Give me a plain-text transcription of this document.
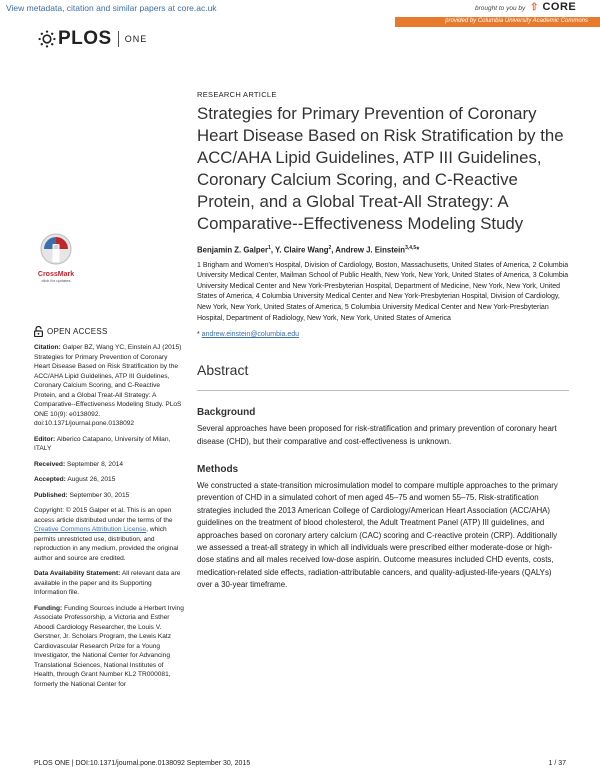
View metadata, citation and similar papers at core.ac.uk	brought to you by ⇧ CORE
provided by Columbia University Academic Commons
PLOS ONE
CrossMark
click for updates
OPEN ACCESS
Citation: Galper BZ, Wang YC, Einstein AJ (2015) Strategies for Primary Prevention of Coronary Heart Disease Based on Risk Stratification by the ACC/AHA Lipid Guidelines, ATP III Guidelines, Coronary Calcium Scoring, and C-Reactive Protein, and a Global Treat-All Strategy: A Comparative--Effectiveness Modeling Study. PLoS ONE 10(9): e0138092. doi:10.1371/journal.pone.0138092
Editor: Alberico Catapano, University of Milan, ITALY
Received: September 8, 2014
Accepted: August 26, 2015
Published: September 30, 2015
Copyright: © 2015 Galper et al. This is an open access article distributed under the terms of the Creative Commons Attribution License, which permits unrestricted use, distribution, and reproduction in any medium, provided the original author and source are credited.
Data Availability Statement: All relevant data are available in the paper and its Supporting Information file.
Funding: Funding Sources include a Herbert Irving Associate Professorship, a Victoria and Esther Aboodi Cardiology Researcher, the Louis V. Gerstner, Jr. Scholars Program, the Lewis Katz Cardiovascular Research Prize for a Young Investigator, the National Center for Advancing Translational Sciences, National Institutes of Health, through Grant Number KL2 TR000081, formerly the National Center for
RESEARCH ARTICLE
Strategies for Primary Prevention of Coronary Heart Disease Based on Risk Stratification by the ACC/AHA Lipid Guidelines, ATP III Guidelines, Coronary Calcium Scoring, and C-Reactive Protein, and a Global Treat-All Strategy: A Comparative--Effectiveness Modeling Study
Benjamin Z. Galper$^1$, Y. Claire Wang$^2$, Andrew J. Einstein$^{3,4,5}$*
1 Brigham and Women's Hospital, Division of Cardiology, Boston, Massachusetts, United States of America, 2 Columbia University Medical Center, Mailman School of Public Health, New York, New York, United States of America, 3 Columbia University Medical Center and New York-Presbyterian Hospital, Department of Medicine, New York, New York, United States of America, 4 Columbia University Medical Center and New York-Presbyterian Hospital, Division of Cardiology, New York, New York, United States of America, 5 Columbia University Medical Center and New York-Presbyterian Hospital, Department of Radiology, New York, New York, United States of America
* andrew.einstein@columbia.edu
Abstract
Background
Several approaches have been proposed for risk-stratification and primary prevention of coronary heart disease (CHD), but their comparative and cost-effectiveness is unknown.
Methods
We constructed a state-transition microsimulation model to compare multiple approaches to the primary prevention of CHD in a simulated cohort of men aged 45–75 and women 55–75. Risk-stratification strategies included the 2013 American College of Cardiology/American Heart Association (ACC/AHA) guidelines on the treatment of blood cholesterol, the Adult Treatment Panel (ATP) III guidelines, and approaches based on coronary artery calcium (CAC) scoring and C-reactive protein (CRP). Additionally we assessed a treat-all strategy in which all individuals were prescribed either moderate-dose or high-dose statins and all males received low-dose aspirin. Outcome measures included CHD events, costs, medication-related side effects, radiation-attributable cancers, and quality-adjusted-life-years (QALYs) over a 30-year timeframe.
PLOS ONE | DOI:10.1371/journal.pone.0138092 September 30, 2015	1 / 37
